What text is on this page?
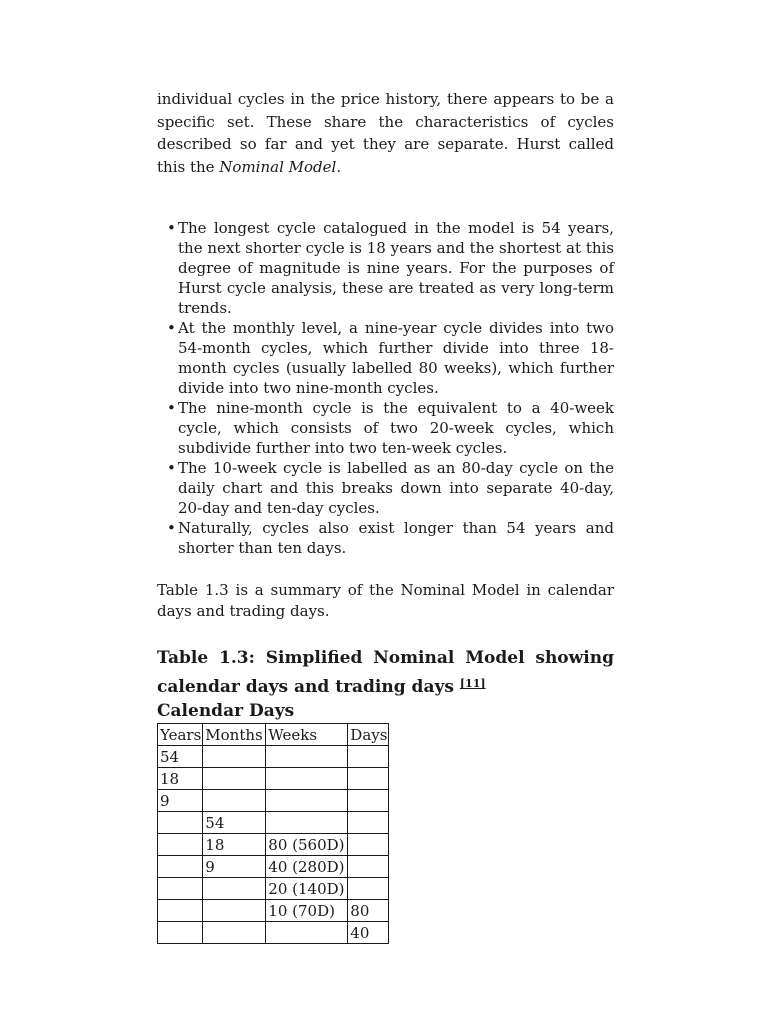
individual cycles in the price history, there appears to be a specific set. These share the characteristics of cycles described so far and yet they are separate. Hurst called this the Nominal Model.

• The longest cycle catalogued in the model is 54 years, the next shorter cycle is 18 years and the shortest at this degree of magnitude is nine years. For the purposes of Hurst cycle analysis, these are treated as very long-term trends.
• At the monthly level, a nine-year cycle divides into two 54-month cycles, which further divide into three 18-month cycles (usually labelled 80 weeks), which further divide into two nine-month cycles.
• The nine-month cycle is the equivalent to a 40-week cycle, which consists of two 20-week cycles, which subdivide further into two ten-week cycles.
• The 10-week cycle is labelled as an 80-day cycle on the daily chart and this breaks down into separate 40-day, 20-day and ten-day cycles.
• Naturally, cycles also exist longer than 54 years and shorter than ten days.

Table 1.3 is a summary of the Nominal Model in calendar days and trading days.

Table 1.3: Simplified Nominal Model showing calendar days and trading days [11]

Calendar Days

Years	Months	Weeks	Days
54			
18			
9			
	54		
	18	80 (560D)	
	9	40 (280D)	
		20 (140D)	
		10 (70D)	80
			40
